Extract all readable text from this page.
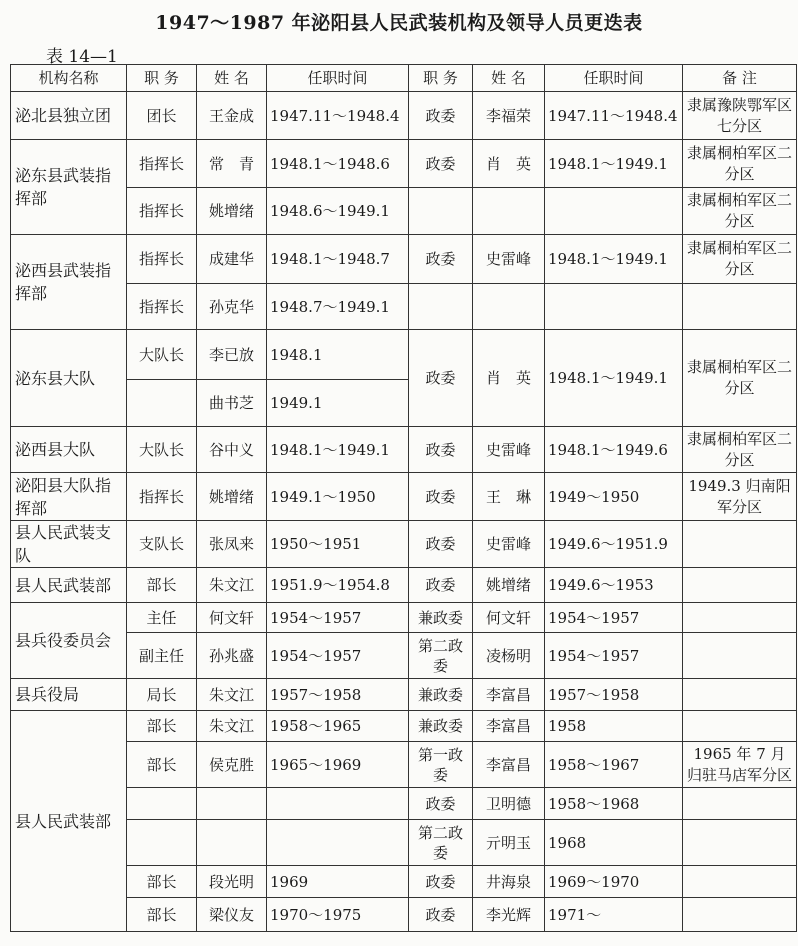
1947～1987 年泌阳县人民武装机构及领导人员更迭表
表 14—1
机构名称	职 务	姓 名	任职时间	职 务	姓 名	任职时间	备 注
泌北县独立团	团长	王金成	1947.11～1948.4	政委	李福荣	1947.11～1948.4	隶属豫陕鄂军区七分区
泌东县武装指挥部	指挥长	常　青	1948.1～1948.6	政委	肖　英	1948.1～1949.1	隶属桐柏军区二分区
	指挥长	姚增绪	1948.6～1949.1				隶属桐柏军区二分区
泌西县武装指挥部	指挥长	成建华	1948.1～1948.7	政委	史雷峰	1948.1～1949.1	隶属桐柏军区二分区
	指挥长	孙克华	1948.7～1949.1				
泌东县大队	大队长	李已放	1948.1	政委	肖　英	1948.1～1949.1	隶属桐柏军区二分区
		曲书芝	1949.1				
泌西县大队	大队长	谷中义	1948.1～1949.1	政委	史雷峰	1948.1～1949.6	隶属桐柏军区二分区
泌阳县大队指挥部	指挥长	姚增绪	1949.1～1950	政委	王　琳	1949～1950	1949.3 归南阳军分区
县人民武装支队	支队长	张凤来	1950～1951	政委	史雷峰	1949.6～1951.9	
县人民武装部	部长	朱文江	1951.9～1954.8	政委	姚增绪	1949.6～1953	
县兵役委员会	主任	何文轩	1954～1957	兼政委	何文轩	1954～1957	
	副主任	孙兆盛	1954～1957	第二政委	凌杨明	1954～1957	
县兵役局	局长	朱文江	1957～1958	兼政委	李富昌	1957～1958	
县人民武装部	部长	朱文江	1958～1965	兼政委	李富昌	1958	
	部长	侯克胜	1965～1969	第一政委	李富昌	1958～1967	1965 年 7 月归驻马店军分区
				政委	卫明德	1958～1968	
				第二政委	亓明玉	1968	
	部长	段光明	1969	政委	井海泉	1969～1970	
	部长	梁仪友	1970～1975	政委	李光辉	1971～	
